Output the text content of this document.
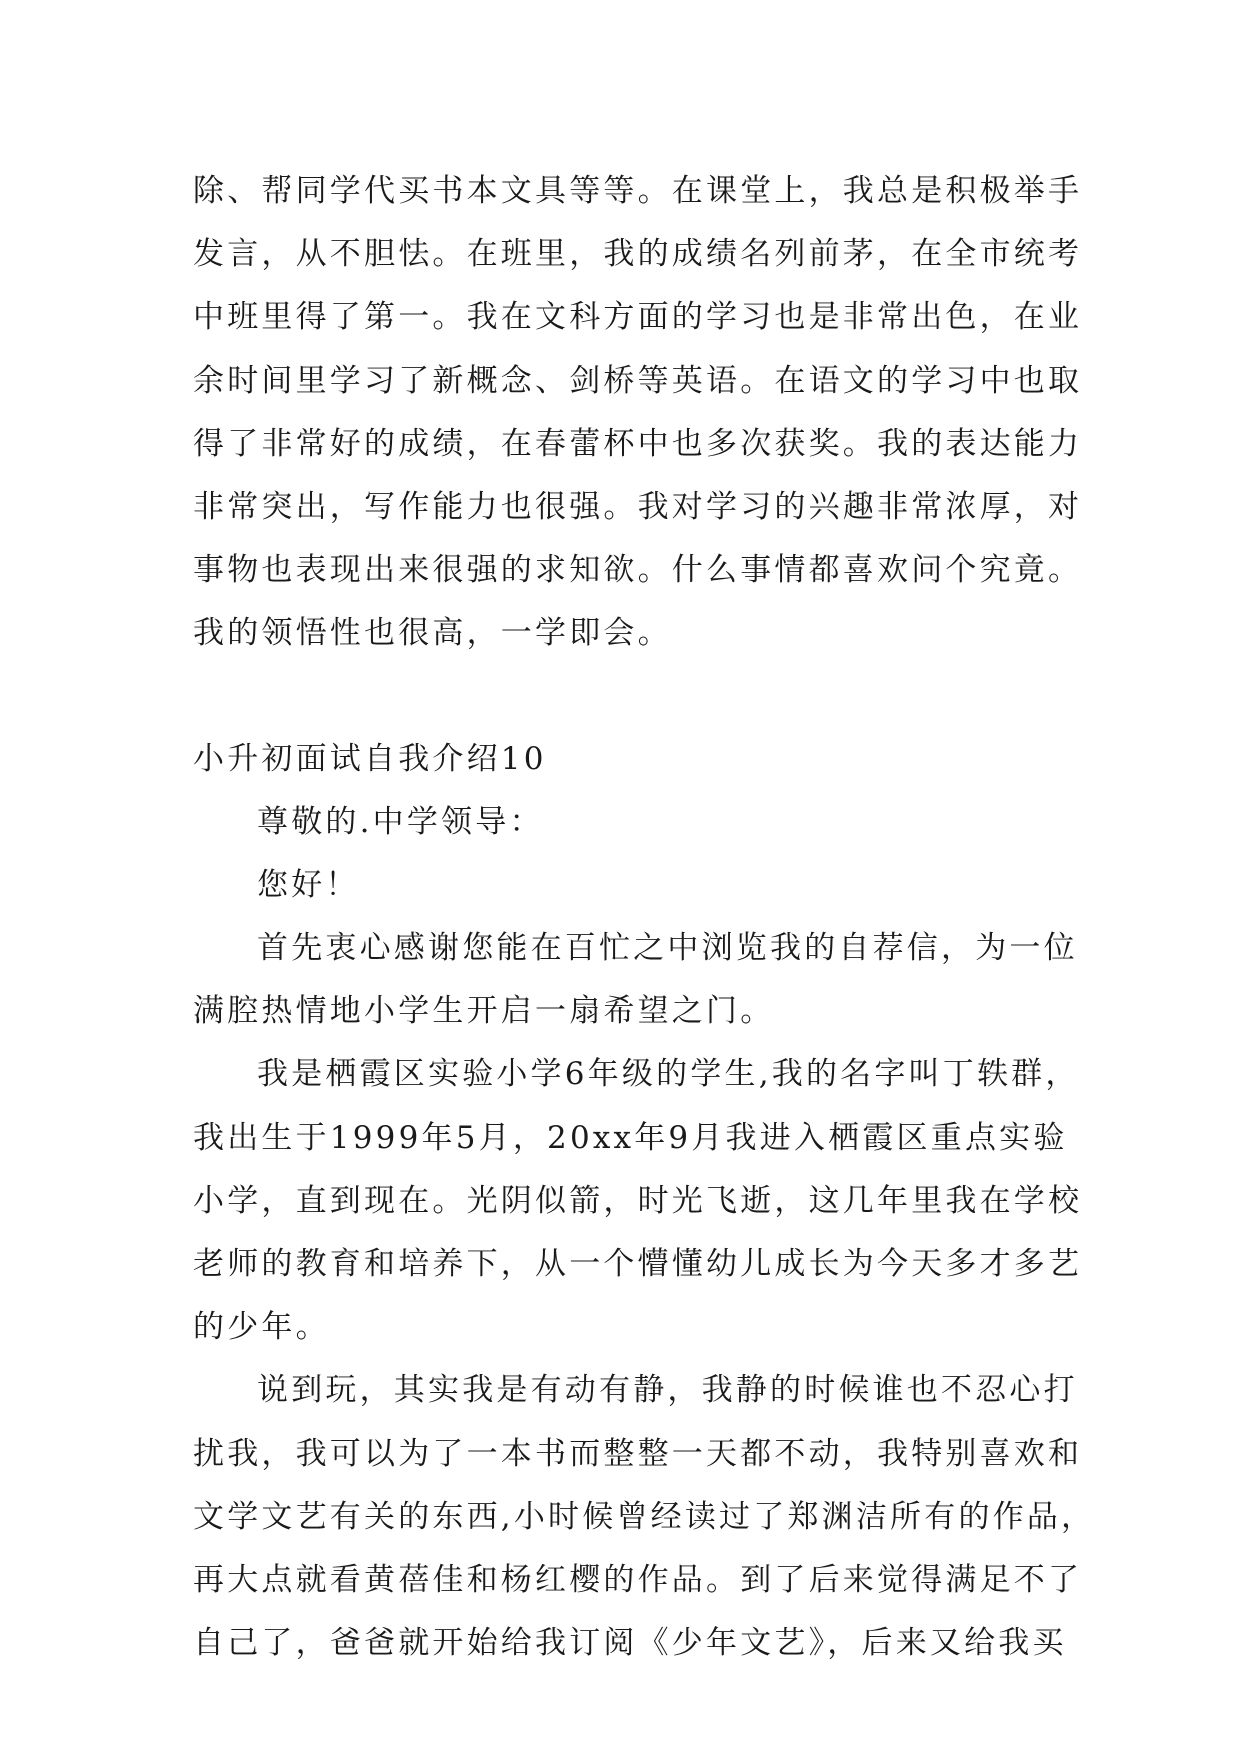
除、帮同学代买书本文具等等。在课堂上，我总是积极举手
发言，从不胆怯。在班里，我的成绩名列前茅，在全市统考
中班里得了第一。我在文科方面的学习也是非常出色，在业
余时间里学习了新概念、剑桥等英语。在语文的学习中也取
得了非常好的成绩，在春蕾杯中也多次获奖。我的表达能力
非常突出，写作能力也很强。我对学习的兴趣非常浓厚，对
事物也表现出来很强的求知欲。什么事情都喜欢问个究竟。
我的领悟性也很高，一学即会。
小升初面试自我介绍10
尊敬的.中学领导：
您好！
首先衷心感谢您能在百忙之中浏览我的自荐信，为一位
满腔热情地小学生开启一扇希望之门。
我是栖霞区实验小学6年级的学生,我的名字叫丁轶群，
我出生于1999年5月，20xx年9月我进入栖霞区重点实验
小学，直到现在。光阴似箭，时光飞逝，这几年里我在学校
老师的教育和培养下，从一个懵懂幼儿成长为今天多才多艺
的少年。
说到玩，其实我是有动有静，我静的时候谁也不忍心打
扰我，我可以为了一本书而整整一天都不动，我特别喜欢和
文学文艺有关的东西,小时候曾经读过了郑渊洁所有的作品，
再大点就看黄蓓佳和杨红樱的作品。到了后来觉得满足不了
自己了，爸爸就开始给我订阅《少年文艺》，后来又给我买
